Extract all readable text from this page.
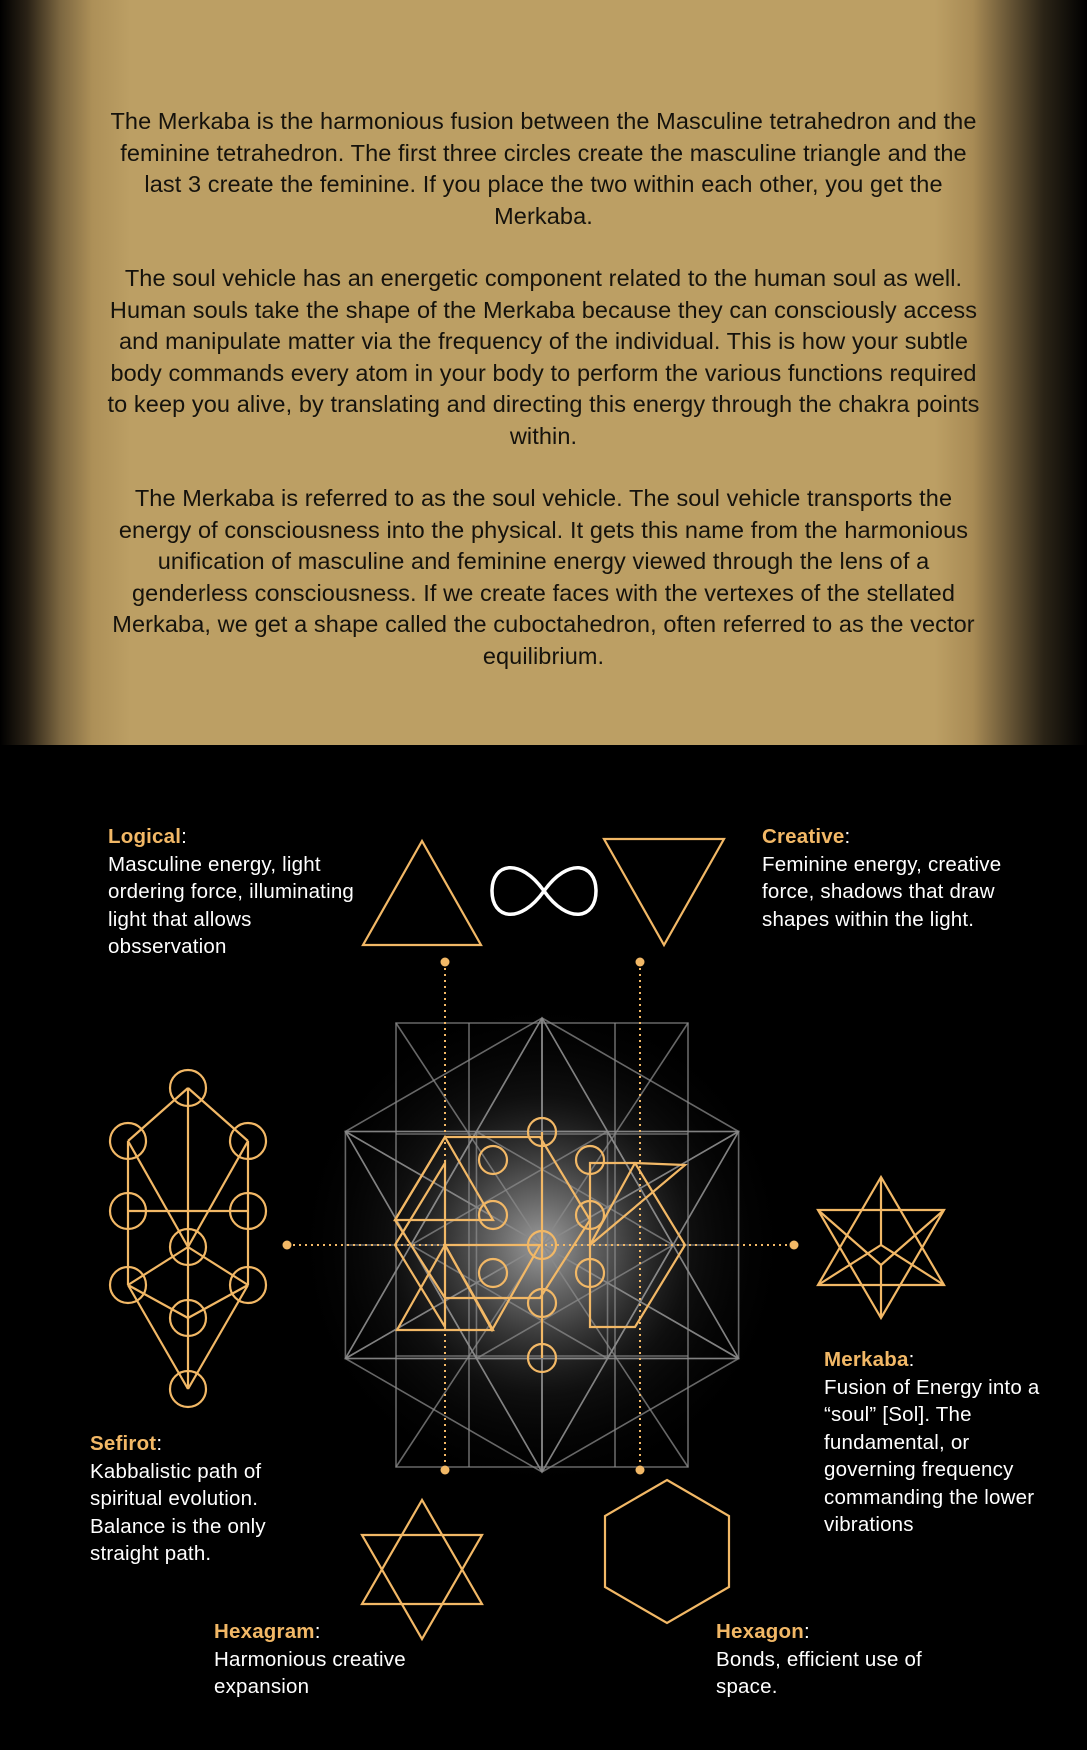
The Merkaba is the harmonious fusion between the Masculine tetrahedron and the feminine tetrahedron. The first three circles create the masculine triangle and the last 3 create the feminine. If you place the two within each other, you get the Merkaba.

The soul vehicle has an energetic component related to the human soul as well. Human souls take the shape of the Merkaba because they can consciously access and manipulate matter via the frequency of the individual. This is how your subtle body commands every atom in your body to perform the various functions required to keep you alive, by translating and directing this energy through the chakra points within.

The Merkaba is referred to as the soul vehicle. The soul vehicle transports the energy of consciousness into the physical. It gets this name from the harmonious unification of masculine and feminine energy viewed through the lens of a genderless consciousness. If we create faces with the vertexes of the stellated Merkaba, we get a shape called the cuboctahedron, often referred to as the vector equilibrium.

Logical:
Masculine energy, light ordering force, illuminating light that allows obsservation
Creative:
Feminine energy, creative force, shadows that draw shapes within the light.
Merkaba:
Fusion of Energy into a “soul” [Sol]. The fundamental, or governing frequency commanding the lower vibrations
Sefirot:
Kabbalistic path of spiritual evolution. Balance is the only straight path.
Hexagram:
Harmonious creative expansion
Hexagon:
Bonds, efficient use of space.
